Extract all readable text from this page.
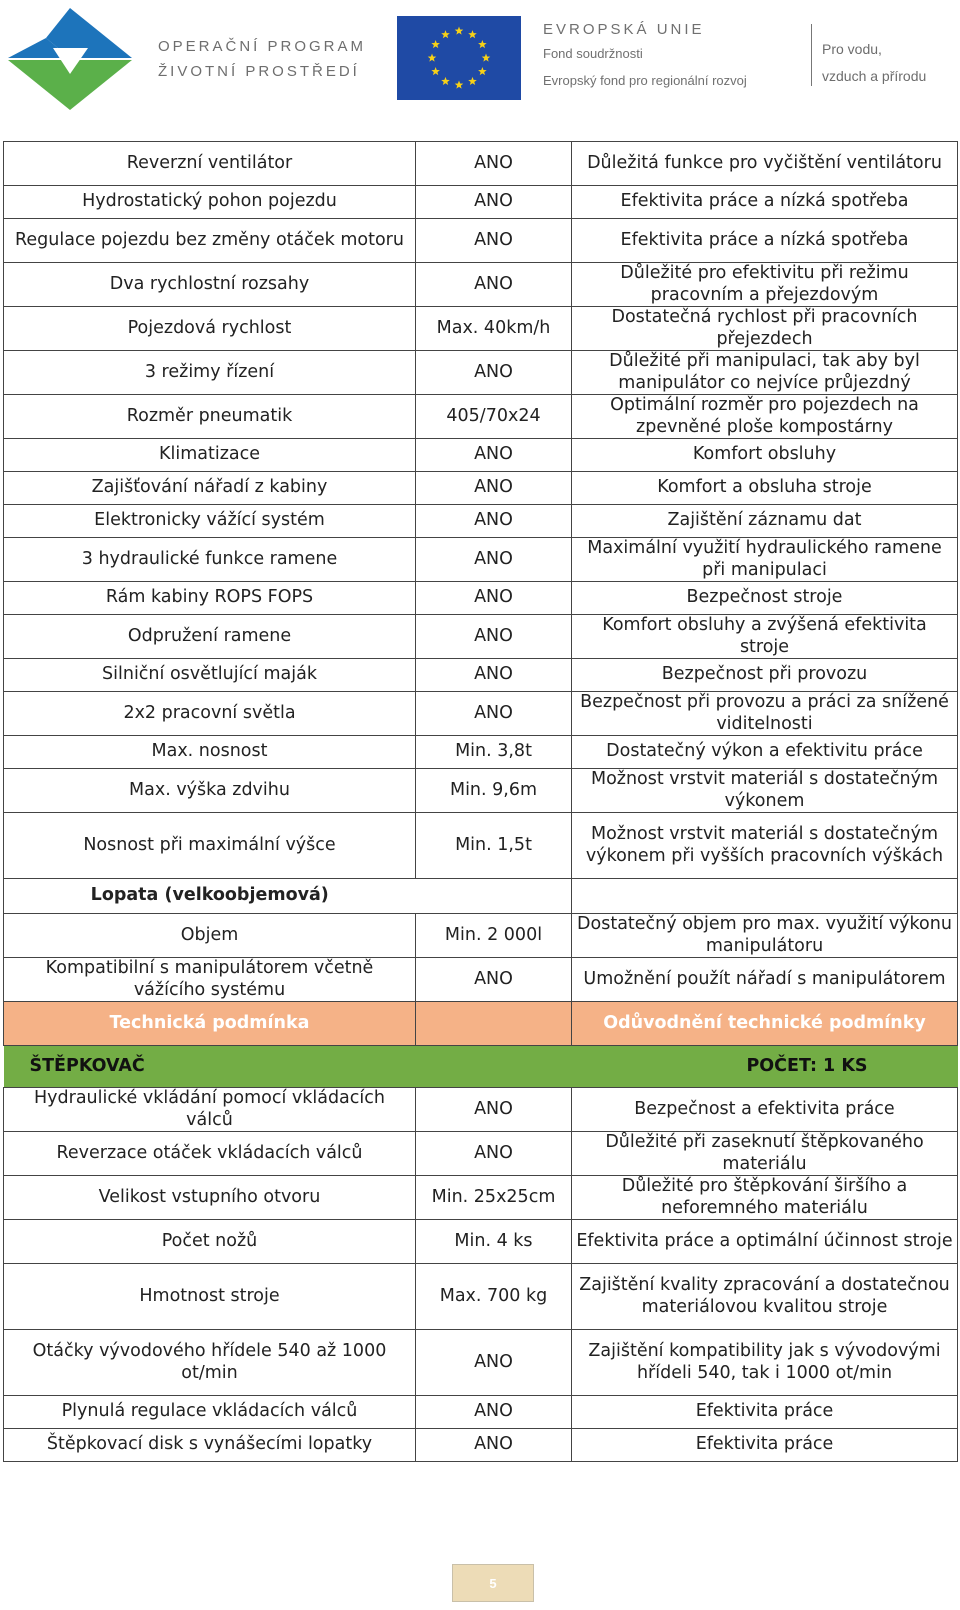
OPERAČNÍ PROGRAM
ŽIVOTNÍ PROSTŘEDÍ
EVROPSKÁ UNIE
Fond soudržnosti
Evropský fond pro regionální rozvoj
Pro vodu,
vzduch a přírodu
Reverzní ventilátor	ANO	Důležitá funkce pro vyčištění ventilátoru
Hydrostatický pohon pojezdu	ANO	Efektivita práce a nízká spotřeba
Regulace pojezdu bez změny otáček motoru	ANO	Efektivita práce a nízká spotřeba
Dva rychlostní rozsahy	ANO	Důležité pro efektivitu při režimu pracovním a přejezdovým
Pojezdová rychlost	Max. 40km/h	Dostatečná rychlost při pracovních přejezdech
3 režimy řízení	ANO	Důležité při manipulaci, tak aby byl manipulátor co nejvíce průjezdný
Rozměr pneumatik	405/70x24	Optimální rozměr pro pojezdech na zpevněné ploše kompostárny
Klimatizace	ANO	Komfort obsluhy
Zajišťování nářadí z kabiny	ANO	Komfort a obsluha stroje
Elektronicky vážící systém	ANO	Zajištění záznamu dat
3 hydraulické funkce ramene	ANO	Maximální využití hydraulického ramene při manipulaci
Rám kabiny ROPS FOPS	ANO	Bezpečnost stroje
Odpružení ramene	ANO	Komfort obsluhy a zvýšená efektivita stroje
Silniční osvětlující maják	ANO	Bezpečnost při provozu
2x2 pracovní světla	ANO	Bezpečnost při provozu a práci za snížené viditelnosti
Max. nosnost	Min. 3,8t	Dostatečný výkon a efektivitu práce
Max. výška zdvihu	Min. 9,6m	Možnost vrstvit materiál s dostatečným výkonem
Nosnost při maximální výšce	Min. 1,5t	Možnost vrstvit materiál s dostatečným výkonem při vyšších pracovních výškách
Lopata (velkoobjemová)		
Objem	Min. 2 000l	Dostatečný objem pro max. využití výkonu manipulátoru
Kompatibilní s manipulátorem včetně vážícího systému	ANO	Umožnění použít nářadí s manipulátorem
Technická podmínka		Odůvodnění technické podmínky
ŠTĚPKOVAČ		POČET: 1 KS
Hydraulické vkládání pomocí vkládacích válců	ANO	Bezpečnost a efektivita práce
Reverzace otáček vkládacích válců	ANO	Důležité při zaseknutí štěpkovaného materiálu
Velikost vstupního otvoru	Min. 25x25cm	Důležité pro štěpkování širšího a neforemného materiálu
Počet nožů	Min. 4 ks	Efektivita práce a optimální účinnost stroje
Hmotnost stroje	Max. 700 kg	Zajištění kvality zpracování a dostatečnou materiálovou kvalitou stroje
Otáčky vývodového hřídele 540 až 1000 ot/min	ANO	Zajištění kompatibility jak s vývodovými hřídeli 540, tak i 1000 ot/min
Plynulá regulace vkládacích válců	ANO	Efektivita práce
Štěpkovací disk s vynášecími lopatky	ANO	Efektivita práce
5
